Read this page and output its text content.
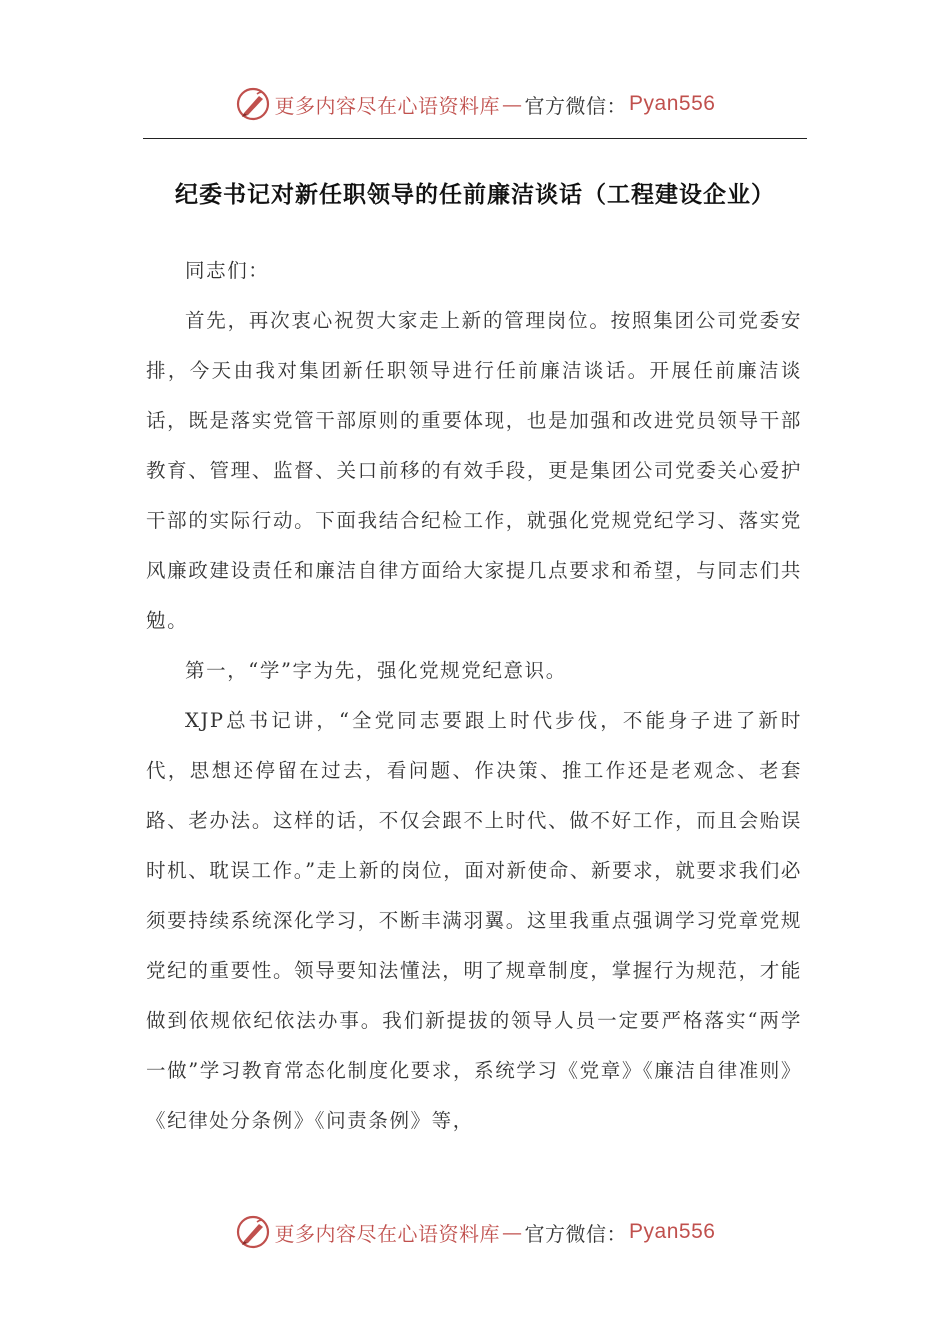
更多内容尽在心语资料库 — 官方微信： Pyan556
纪委书记对新任职领导的任前廉洁谈话（工程建设企业）

同志们：

首先，再次衷心祝贺大家走上新的管理岗位。按照集团公司党委安排，今天由我对集团新任职领导进行任前廉洁谈话。开展任前廉洁谈话，既是落实党管干部原则的重要体现，也是加强和改进党员领导干部教育、管理、监督、关口前移的有效手段，更是集团公司党委关心爱护干部的实际行动。下面我结合纪检工作，就强化党规党纪学习、落实党风廉政建设责任和廉洁自律方面给大家提几点要求和希望，与同志们共勉。

第一，“学”字为先，强化党规党纪意识。

XJP总书记讲，“全党同志要跟上时代步伐，不能身子进了新时代，思想还停留在过去，看问题、作决策、推工作还是老观念、老套路、老办法。这样的话，不仅会跟不上时代、做不好工作，而且会贻误时机、耽误工作。”走上新的岗位，面对新使命、新要求，就要求我们必须要持续系统深化学习，不断丰满羽翼。这里我重点强调学习党章党规党纪的重要性。领导要知法懂法，明了规章制度，掌握行为规范，才能做到依规依纪依法办事。我们新提拔的领导人员一定要严格落实“两学一做”学习教育常态化制度化要求，系统学习《党章》《廉洁自律准则》《纪律处分条例》《问责条例》等，

更多内容尽在心语资料库 — 官方微信： Pyan556
